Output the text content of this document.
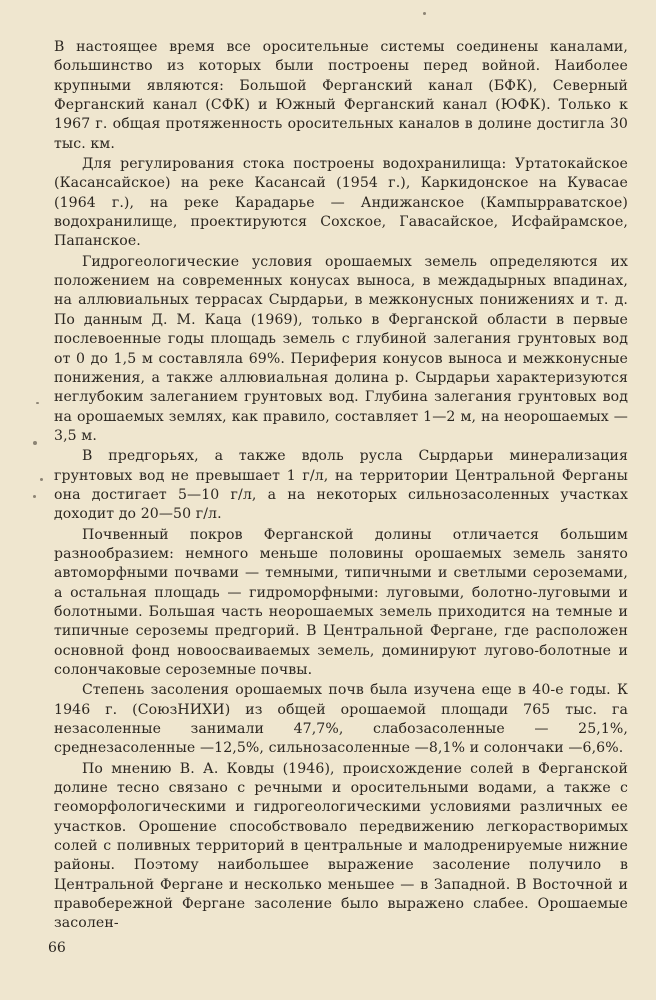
В настоящее время все оросительные системы соединены каналами, большинство из которых были построены перед войной. Наиболее крупными являются: Большой Ферганский канал (БФК), Северный Ферганский канал (СФК) и Южный Ферганский канал (ЮФК). Только к 1967 г. общая протяженность оросительных каналов в долине достигла 30 тыс. км.

Для регулирования стока построены водохранилища: Уртатокайское (Касансайское) на реке Касансай (1954 г.), Каркидонское на Кувасае (1964 г.), на реке Карадарье — Андижанское (Кампырраватское) водохранилище, проектируются Сохское, Гавасайское, Исфайрамское, Папанское.

Гидрогеологические условия орошаемых земель определяются их положением на современных конусах выноса, в междадырных впадинах, на аллювиальных террасах Сырдарьи, в межконусных понижениях и т. д. По данным Д. М. Каца (1969), только в Ферганской области в первые послевоенные годы площадь земель с глубиной залегания грунтовых вод от 0 до 1,5 м составляла 69%. Периферия конусов выноса и межконусные понижения, а также аллювиальная долина р. Сырдарьи характеризуются неглубоким залеганием грунтовых вод. Глубина залегания грунтовых вод на орошаемых землях, как правило, составляет 1—2 м, на неорошаемых —3,5 м.

В предгорьях, а также вдоль русла Сырдарьи минерализация грунтовых вод не превышает 1 г/л, на территории Центральной Ферганы она достигает 5—10 г/л, а на некоторых сильнозасоленных участках доходит до 20—50 г/л.

Почвенный покров Ферганской долины отличается большим разнообразием: немного меньше половины орошаемых земель занято автоморфными почвами — темными, типичными и светлыми сероземами, а остальная площадь — гидроморфными: луговыми, болотно-луговыми и болотными. Большая часть неорошаемых земель приходится на темные и типичные сероземы предгорий. В Центральной Фергане, где расположен основной фонд новоосваиваемых земель, доминируют лугово-болотные и солончаковые сероземные почвы.

Степень засоления орошаемых почв была изучена еще в 40-е годы. К 1946 г. (СоюзНИХИ) из общей орошаемой площади 765 тыс. га незасоленные занимали 47,7%, слабозасоленные — 25,1%, среднезасоленные —12,5%, сильнозасоленные —8,1% и солончаки —6,6%.

По мнению В. А. Ковды (1946), происхождение солей в Ферганской долине тесно связано с речными и оросительными водами, а также с геоморфологическими и гидрогеологическими условиями различных ее участков. Орошение способствовало передвижению легкорастворимых солей с поливных территорий в центральные и малодренируемые нижние районы. Поэтому наибольшее выражение засоление получило в Центральной Фергане и несколько меньшее — в Западной. В Восточной и правобережной Фергане засоление было выражено слабее. Орошаемые засолен-

66
